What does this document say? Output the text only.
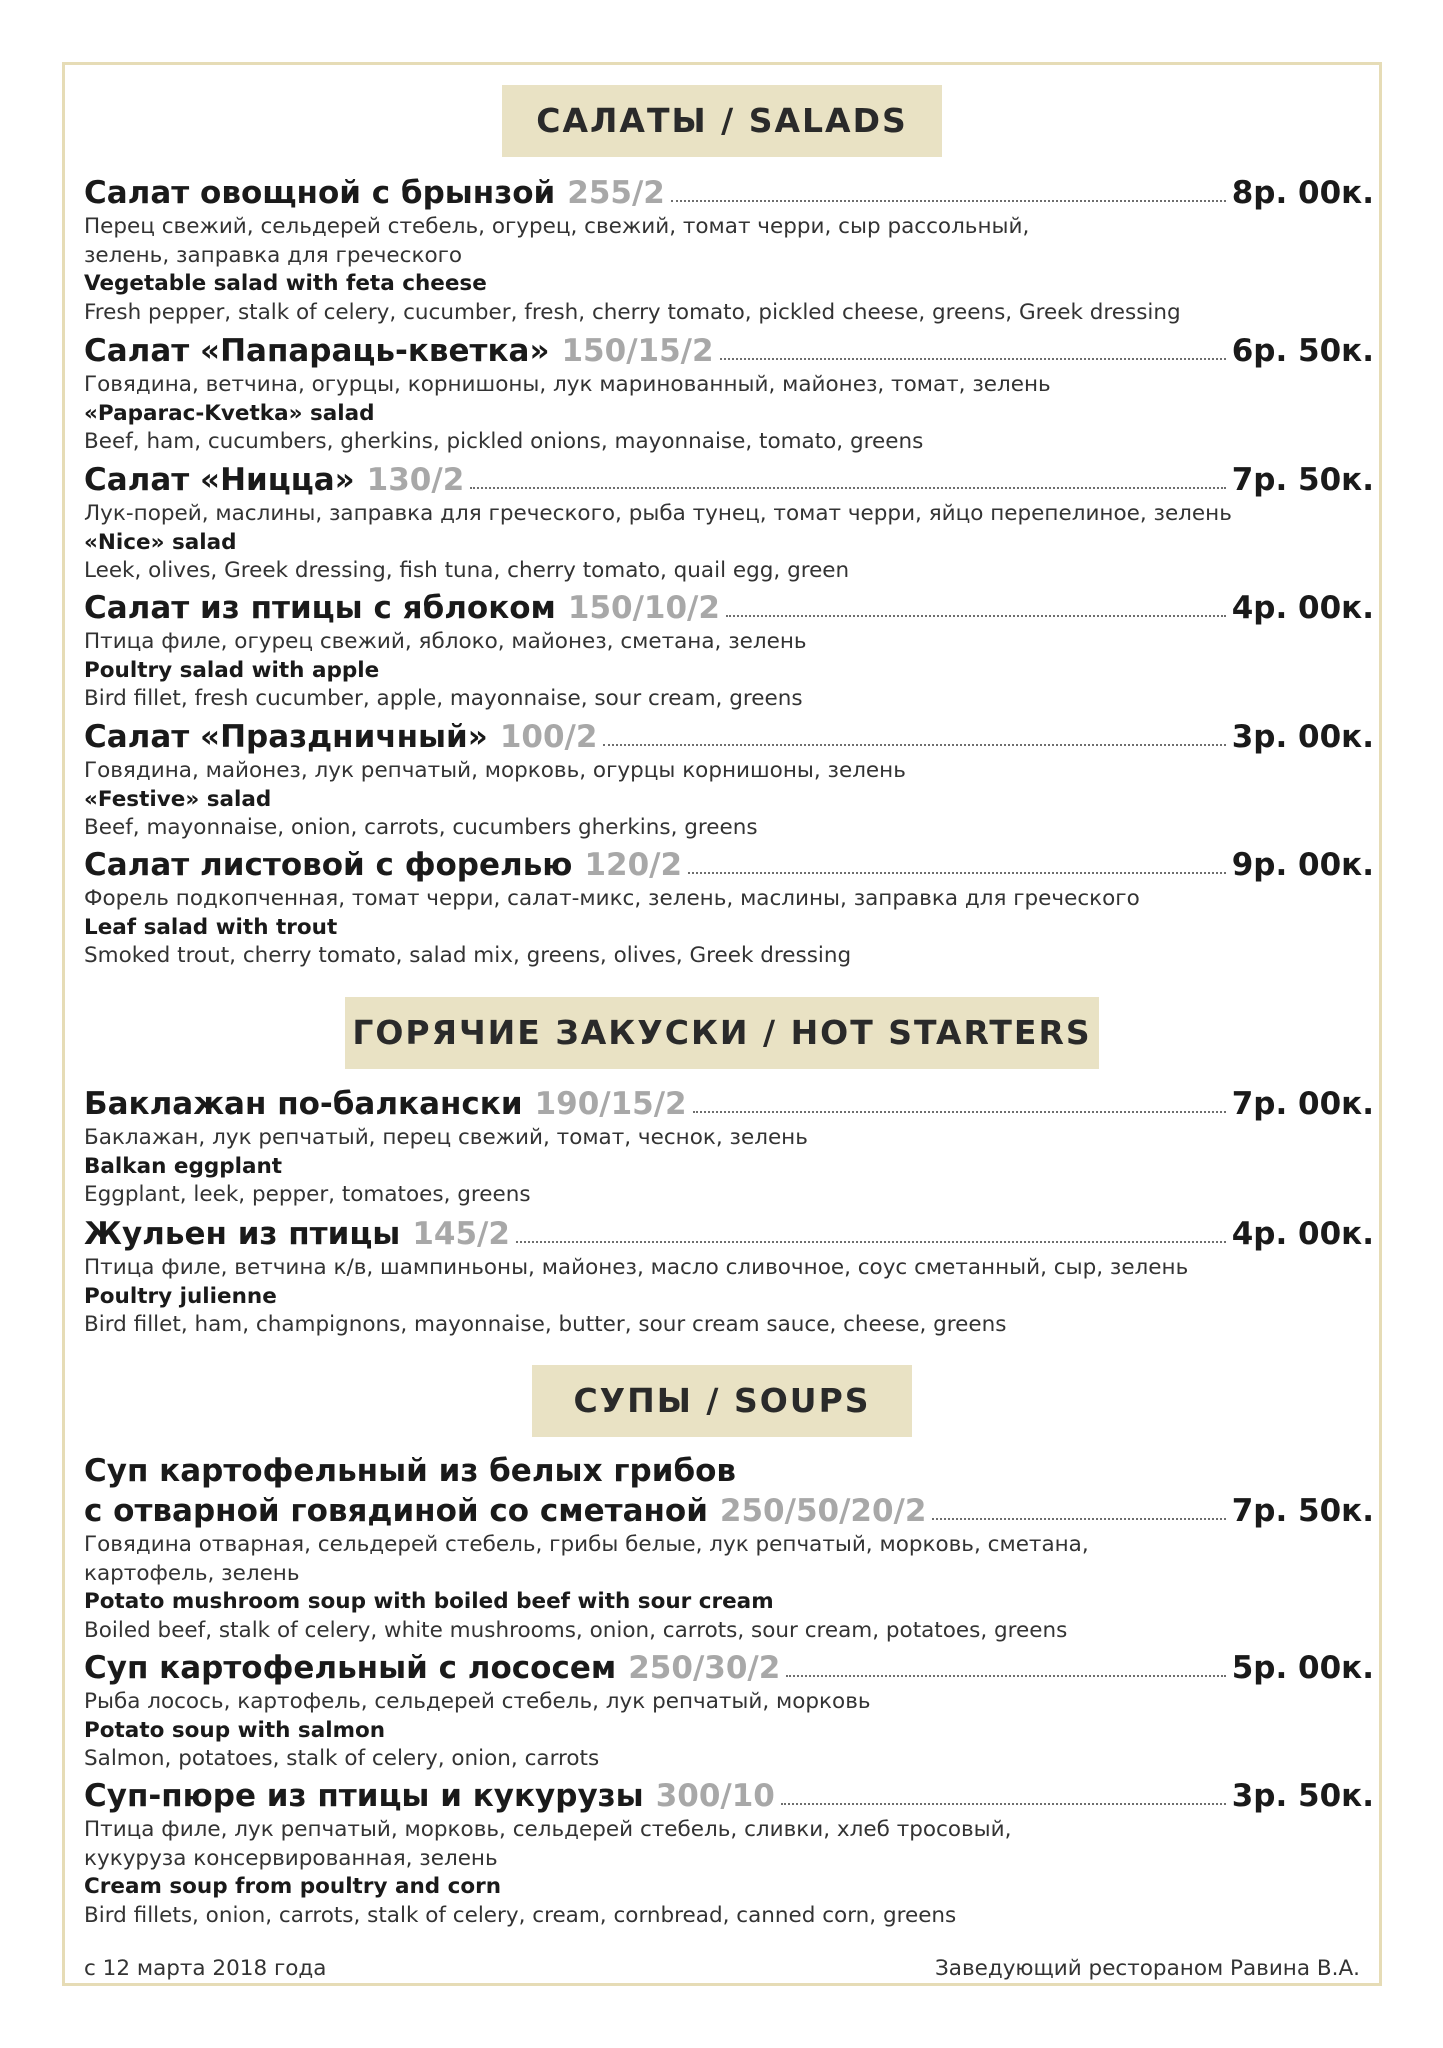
САЛАТЫ / SALADS
Салат овощной с брынзой 255/2	8р. 00к.
Перец свежий, сельдерей стебель, огурец, свежий, томат черри, сыр рассольный,
зелень, заправка для греческого
Vegetable salad with feta cheese
Fresh pepper, stalk of celery, cucumber, fresh, cherry tomato, pickled cheese, greens, Greek dressing
Салат «Папараць-кветка» 150/15/2	6р. 50к.
Говядина, ветчина, огурцы, корнишоны, лук маринованный, майонез, томат, зелень
«Paparac-Kvetka» salad
Beef, ham, cucumbers, gherkins, pickled onions, mayonnaise, tomato, greens
Салат «Ницца» 130/2	7р. 50к.
Лук-порей, маслины, заправка для греческого, рыба тунец, томат черри, яйцо перепелиное, зелень
«Nice» salad
Leek, olives, Greek dressing, fish tuna, cherry tomato, quail egg, green
Салат из птицы с яблоком 150/10/2	4р. 00к.
Птица филе, огурец свежий, яблоко, майонез, сметана, зелень
Poultry salad with apple
Bird fillet, fresh cucumber, apple, mayonnaise, sour cream, greens
Салат «Праздничный» 100/2	3р. 00к.
Говядина, майонез, лук репчатый, морковь, огурцы корнишоны, зелень
«Festive» salad
Beef, mayonnaise, onion, carrots, cucumbers gherkins, greens
Салат листовой с форелью 120/2	9р. 00к.
Форель подкопченная, томат черри, салат-микс, зелень, маслины, заправка для греческого
Leaf salad with trout
Smoked trout, cherry tomato, salad mix, greens, olives, Greek dressing
ГОРЯЧИЕ ЗАКУСКИ / HOT STARTERS
Баклажан по-балкански 190/15/2	7р. 00к.
Баклажан, лук репчатый, перец свежий, томат, чеснок, зелень
Balkan eggplant
Eggplant, leek, pepper, tomatoes, greens
Жульен из птицы 145/2	4р. 00к.
Птица филе, ветчина к/в, шампиньоны, майонез, масло сливочное, соус сметанный, сыр, зелень
Poultry julienne
Bird fillet, ham, champignons, mayonnaise, butter, sour cream sauce, cheese, greens
СУПЫ / SOUPS
Суп картофельный из белых грибов
с отварной говядиной со сметаной 250/50/20/2	7р. 50к.
Говядина отварная, сельдерей стебель, грибы белые, лук репчатый, морковь, сметана,
картофель, зелень
Potato mushroom soup with boiled beef with sour cream
Boiled beef, stalk of celery, white mushrooms, onion, carrots, sour cream, potatoes, greens
Суп картофельный с лососем 250/30/2	5р. 00к.
Рыба лосось, картофель, сельдерей стебель, лук репчатый, морковь
Potato soup with salmon
Salmon, potatoes, stalk of celery, onion, carrots
Суп-пюре из птицы и кукурузы 300/10	3р. 50к.
Птица филе, лук репчатый, морковь, сельдерей стебель, сливки, хлеб тросовый,
кукуруза консервированная, зелень
Cream soup from poultry and corn
Bird fillets, onion, carrots, stalk of celery, cream, cornbread, canned corn, greens
с 12 марта 2018 года	Заведующий рестораном Равина В.А.
